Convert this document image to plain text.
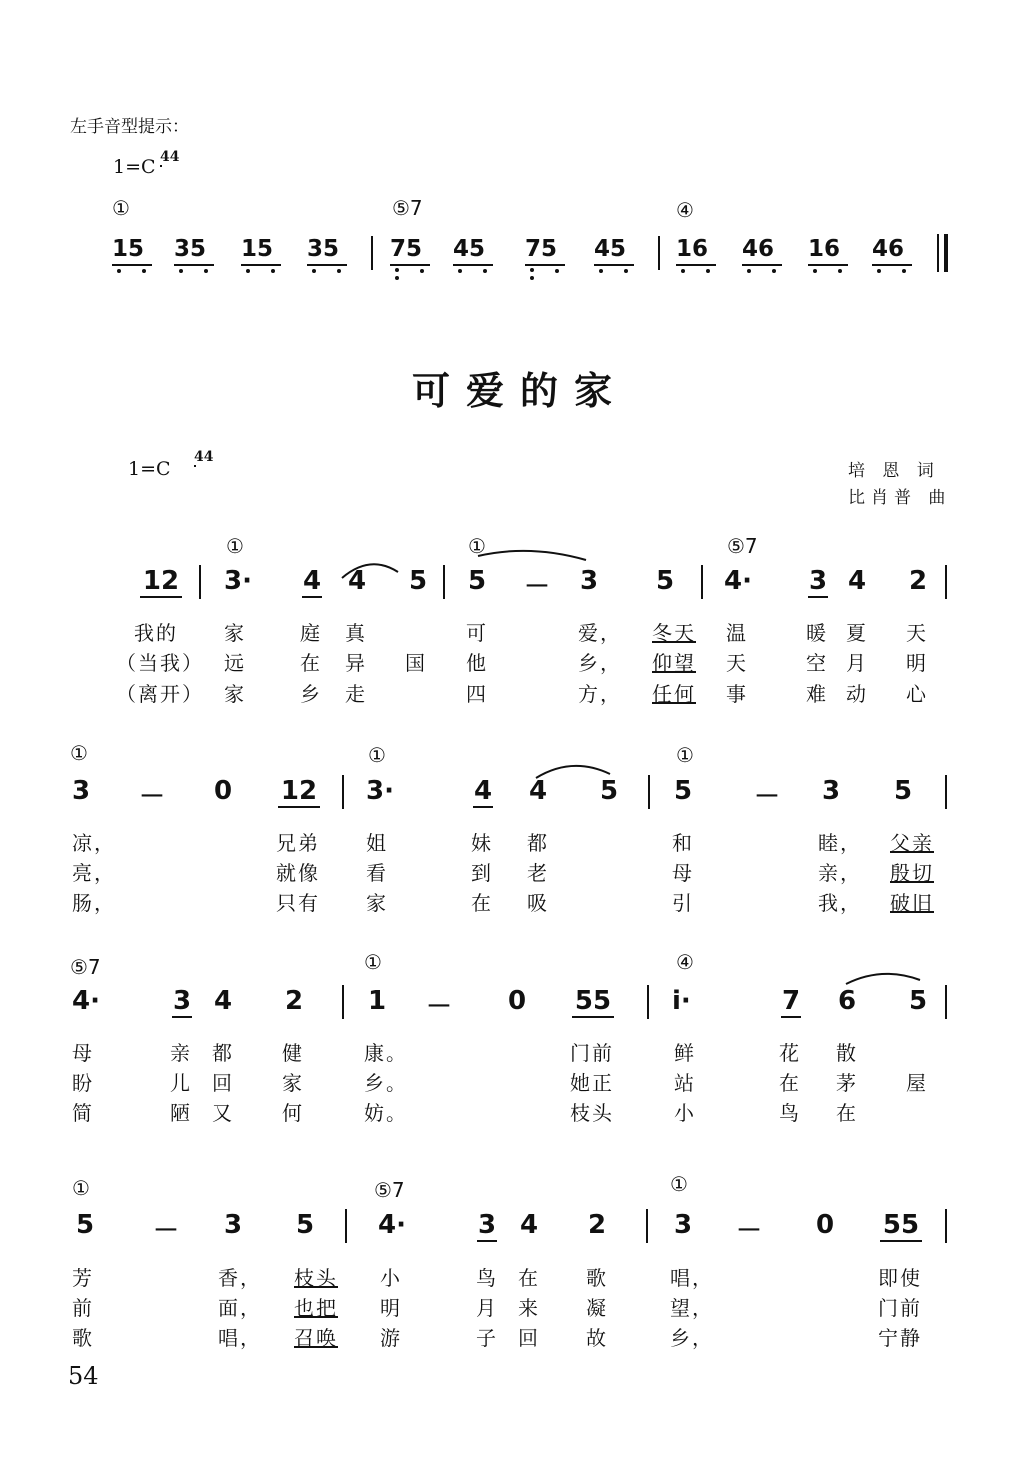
左手音型提示：
1=C 4
4
①	⑤7	④
15 35 15 35 75 45 75 45 16 46 16 46
可爱的家
1=C
4
4
培 恩 词
比肖普 曲
①	①	⑤7
12 3·	4 4 5 5 － 3 5 4·	3 4 2
我的 家	庭 真	可	爱， 冬天 温	暖 夏 天
（当我） 远	在 异 国 他	乡， 仰望 天	空 月 明
（离开） 家	乡 走	四	方， 任何 事	难 动 心
①	①	①
3 － 0 12 3·	4 4 5 5 － 3 5
凉，	兄弟 姐	妹 都	和	睦， 父亲
亮，	就像 看	到 老	母	亲， 殷切
肠，	只有 家	在 吸	引	我， 破旧
⑤7	①	④
4·	3 4 2 1 － 0 55 i·	7 6 5
母	亲 都 健	康。	门前	鲜	花 散
盼	儿 回 家	乡。	她正	站	在 茅 屋
简	陋 又 何	妨。	枝头	小	鸟 在
①	⑤7	①
5 － 3 5 4·	3 4 2	3 － 0 55
芳	香， 枝头 小	鸟 在 歌	唱，	即使
前	面， 也把 明	月 来 凝	望，	门前
歌	唱， 召唤 游	子 回 故	乡，	宁静
54
